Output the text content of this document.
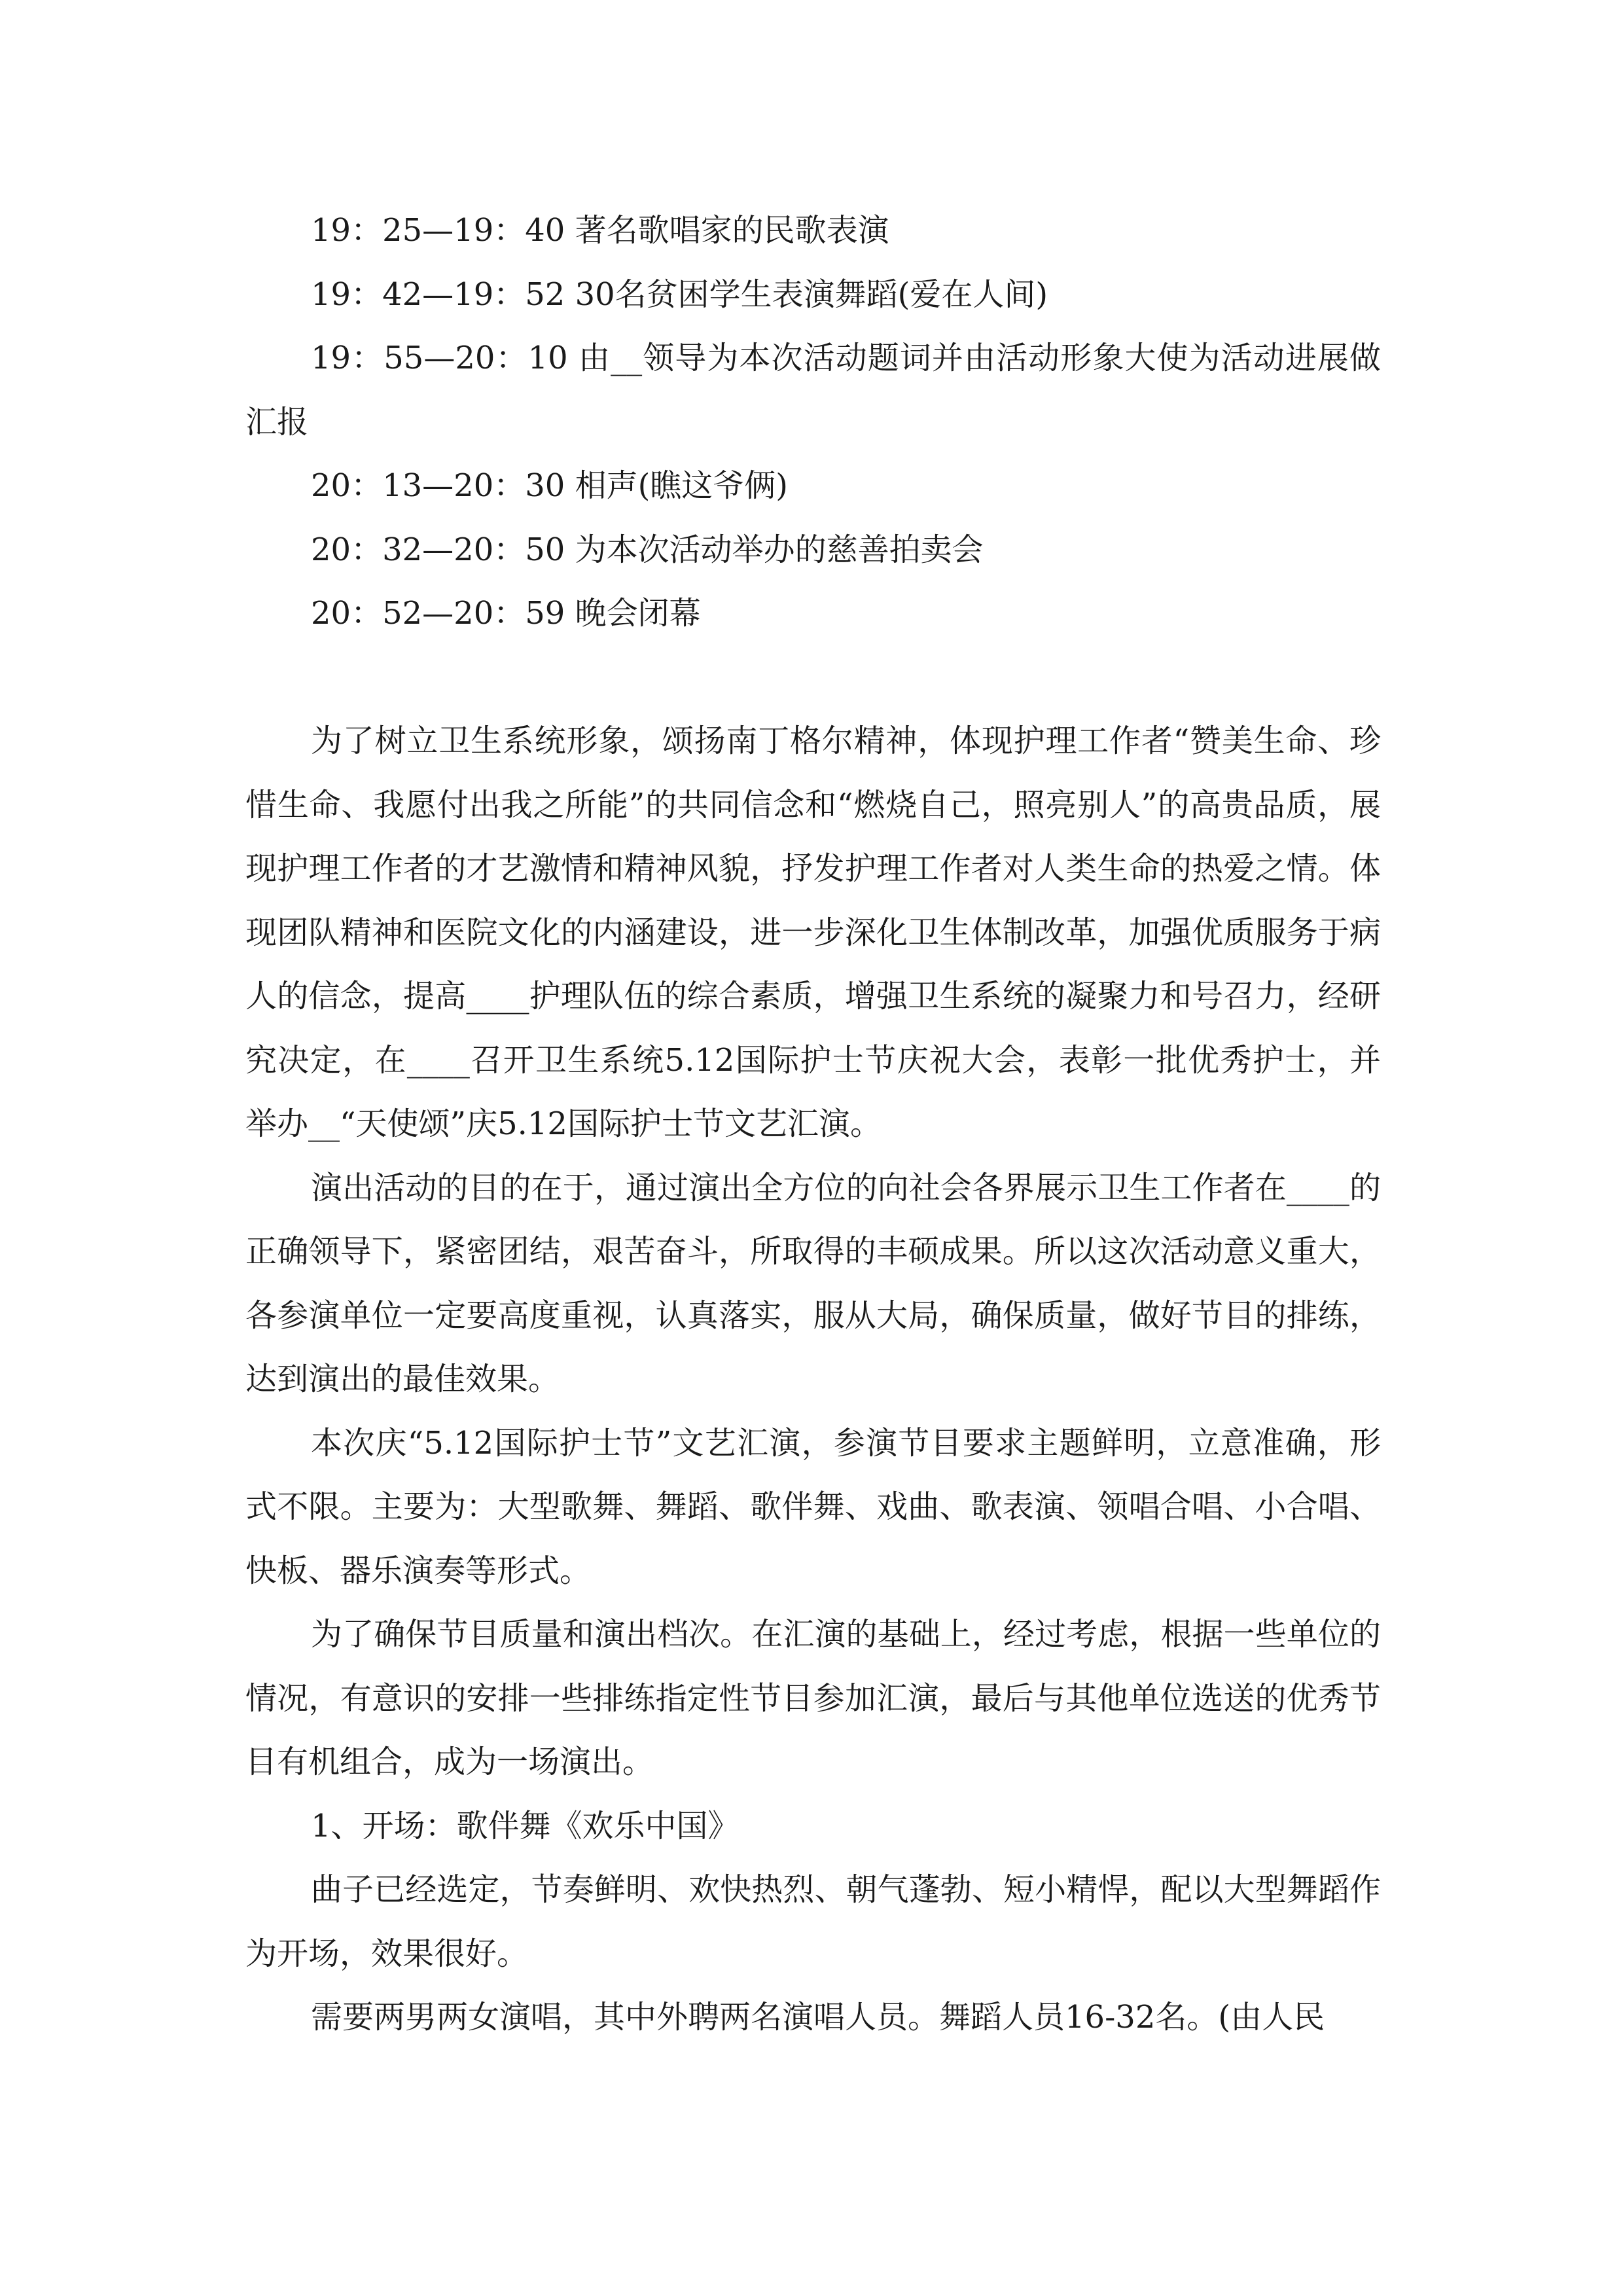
19：25—19：40 著名歌唱家的民歌表演

19：42—19：52 30名贫困学生表演舞蹈(爱在人间)

19：55—20：10 由__领导为本次活动题词并由活动形象大使为活动进展做汇报

20：13—20：30 相声(瞧这爷俩)

20：32—20：50 为本次活动举办的慈善拍卖会

20：52—20：59 晚会闭幕

为了树立卫生系统形象，颂扬南丁格尔精神，体现护理工作者“赞美生命、珍惜生命、我愿付出我之所能”的共同信念和“燃烧自己，照亮别人”的高贵品质，展现护理工作者的才艺激情和精神风貌，抒发护理工作者对人类生命的热爱之情。体现团队精神和医院文化的内涵建设，进一步深化卫生体制改革，加强优质服务于病人的信念，提高____护理队伍的综合素质，增强卫生系统的凝聚力和号召力，经研究决定，在____召开卫生系统5.12国际护士节庆祝大会，表彰一批优秀护士，并举办__“天使颂”庆5.12国际护士节文艺汇演。

演出活动的目的在于，通过演出全方位的向社会各界展示卫生工作者在____的正确领导下，紧密团结，艰苦奋斗，所取得的丰硕成果。所以这次活动意义重大，各参演单位一定要高度重视，认真落实，服从大局，确保质量，做好节目的排练，达到演出的最佳效果。

本次庆“5.12国际护士节”文艺汇演，参演节目要求主题鲜明，立意准确，形式不限。主要为：大型歌舞、舞蹈、歌伴舞、戏曲、歌表演、领唱合唱、小合唱、快板、器乐演奏等形式。

为了确保节目质量和演出档次。在汇演的基础上，经过考虑，根据一些单位的情况，有意识的安排一些排练指定性节目参加汇演，最后与其他单位选送的优秀节目有机组合，成为一场演出。

1、开场：歌伴舞《欢乐中国》

曲子已经选定，节奏鲜明、欢快热烈、朝气蓬勃、短小精悍，配以大型舞蹈作为开场，效果很好。

需要两男两女演唱，其中外聘两名演唱人员。舞蹈人员16-32名。(由人民
